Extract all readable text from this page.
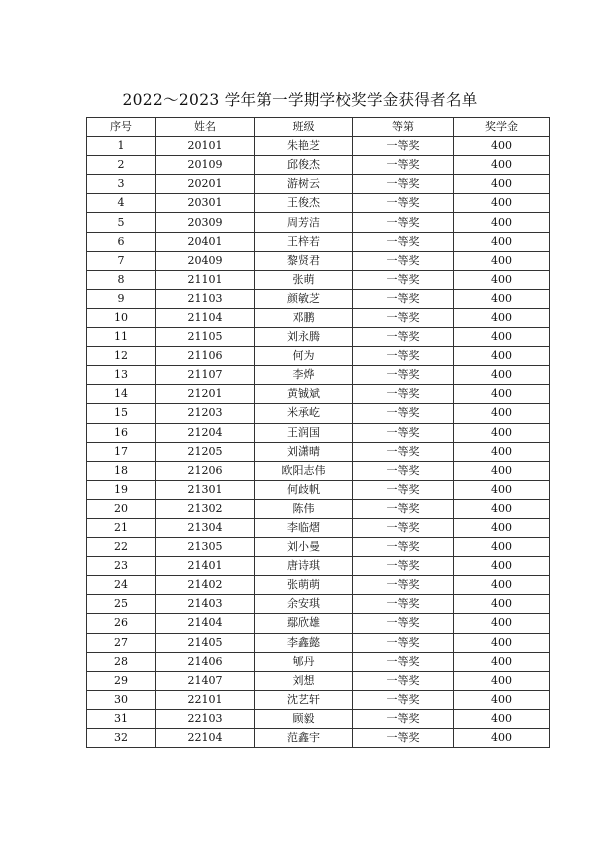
2022～2023 学年第一学期学校奖学金获得者名单
序号	姓名	班级	等第	奖学金
1	20101	朱艳芝	一等奖	400
2	20109	邱俊杰	一等奖	400
3	20201	游树云	一等奖	400
4	20301	王俊杰	一等奖	400
5	20309	周芳洁	一等奖	400
6	20401	王梓若	一等奖	400
7	20409	黎贤君	一等奖	400
8	21101	张萌	一等奖	400
9	21103	颜敏芝	一等奖	400
10	21104	邓鹏	一等奖	400
11	21105	刘永腾	一等奖	400
12	21106	何为	一等奖	400
13	21107	李烨	一等奖	400
14	21201	黄铖斌	一等奖	400
15	21203	米承屹	一等奖	400
16	21204	王润国	一等奖	400
17	21205	刘潇晴	一等奖	400
18	21206	欧阳志伟	一等奖	400
19	21301	何歧帆	一等奖	400
20	21302	陈伟	一等奖	400
21	21304	李临熠	一等奖	400
22	21305	刘小曼	一等奖	400
23	21401	唐诗琪	一等奖	400
24	21402	张萌萌	一等奖	400
25	21403	余安琪	一等奖	400
26	21404	鄢欣雄	一等奖	400
27	21405	李鑫懿	一等奖	400
28	21406	郇丹	一等奖	400
29	21407	刘想	一等奖	400
30	22101	沈艺轩	一等奖	400
31	22103	顾毅	一等奖	400
32	22104	范鑫宇	一等奖	400
